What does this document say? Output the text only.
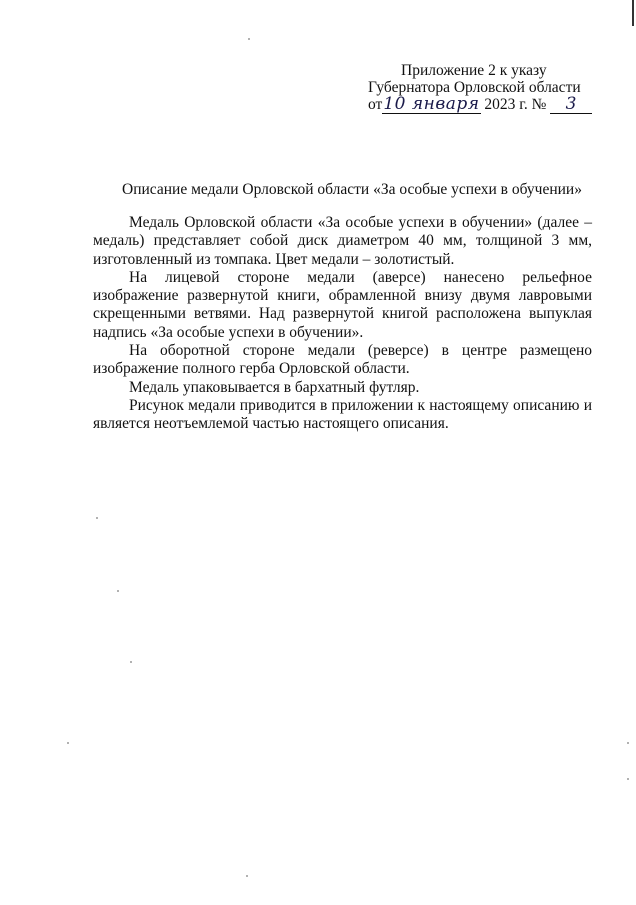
Приложение 2 к указу
Губернатора Орловской области
от10 января 2023 г. № 3
Описание медали Орловской области «За особые успехи в обучении»

Медаль Орловской области «За особые успехи в обучении» (далее – медаль) представляет собой диск диаметром 40 мм, толщиной 3 мм, изготовленный из томпака. Цвет медали – золотистый.

На лицевой стороне медали (аверсе) нанесено рельефное изображение развернутой книги, обрамленной внизу двумя лавровыми скрещенными ветвями. Над развернутой книгой расположена выпуклая надпись «За особые успехи в обучении».

На оборотной стороне медали (реверсе) в центре размещено изображение полного герба Орловской области.

Медаль упаковывается в бархатный футляр.

Рисунок медали приводится в приложении к настоящему описанию и является неотъемлемой частью настоящего описания.
